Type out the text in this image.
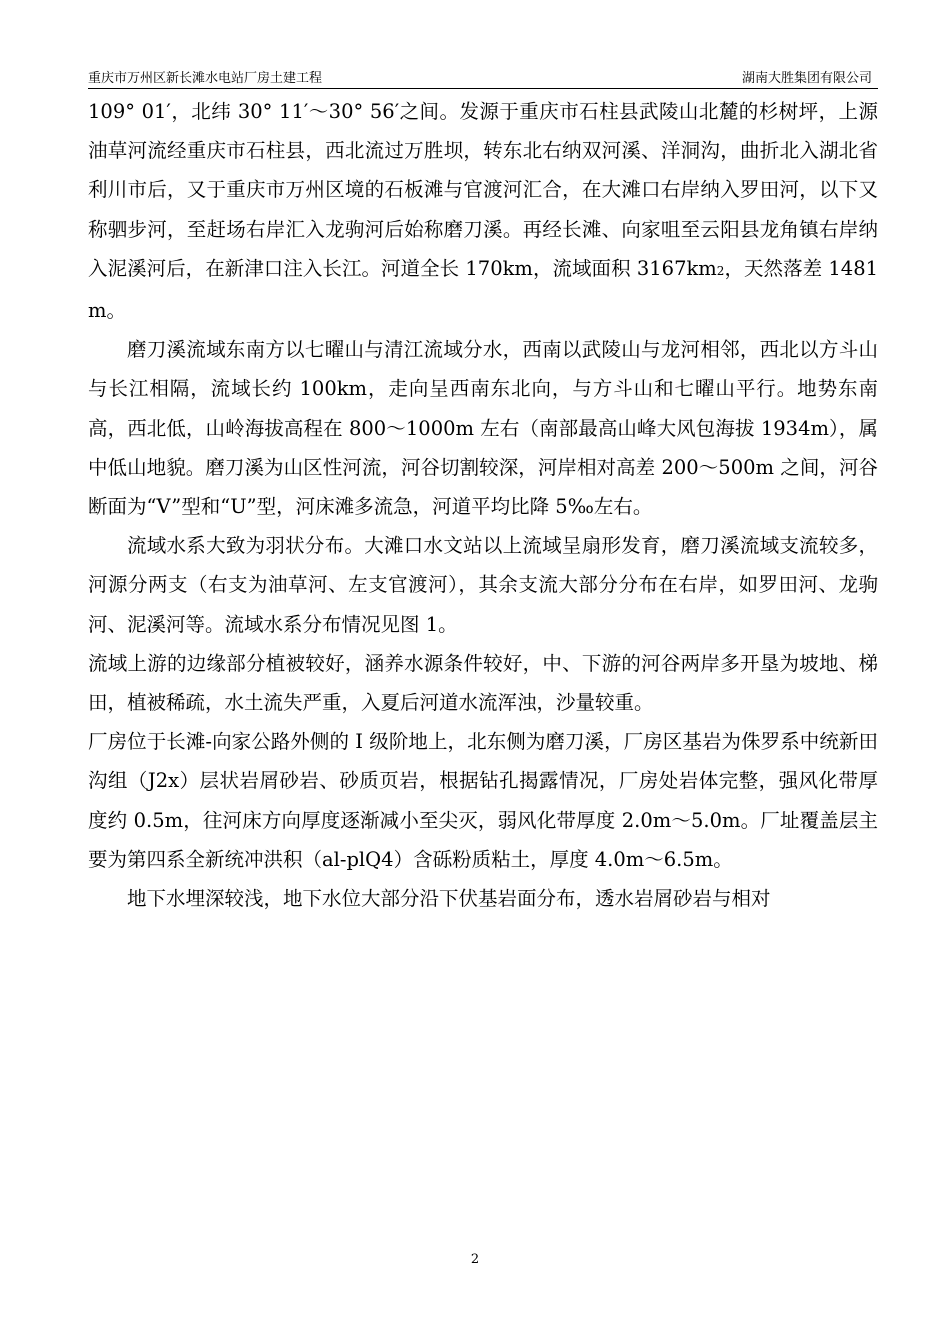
重庆市万州区新长滩水电站厂房土建工程	湖南大胜集团有限公司

109° 01′，北纬 30° 11′～30° 56′之间。发源于重庆市石柱县武陵山北麓的杉树坪，上源油草河流经重庆市石柱县，西北流过万胜坝，转东北右纳双河溪、洋洞沟，曲折北入湖北省利川市后，又于重庆市万州区境的石板滩与官渡河汇合，在大滩口右岸纳入罗田河，以下又称驷步河，至赶场右岸汇入龙驹河后始称磨刀溪。再经长滩、向家咀至云阳县龙角镇右岸纳入泥溪河后，在新津口注入长江。河道全长 170km，流域面积 3167km2，天然落差 1481m。

磨刀溪流域东南方以七曜山与清江流域分水，西南以武陵山与龙河相邻，西北以方斗山与长江相隔，流域长约 100km，走向呈西南东北向，与方斗山和七曜山平行。地势东南高，西北低，山岭海拔高程在 800～1000m 左右（南部最高山峰大风包海拔 1934m），属中低山地貌。磨刀溪为山区性河流，河谷切割较深，河岸相对高差 200～500m 之间，河谷断面为“V”型和“U”型，河床滩多流急，河道平均比降 5‰左右。

流域水系大致为羽状分布。大滩口水文站以上流域呈扇形发育，磨刀溪流域支流较多，河源分两支（右支为油草河、左支官渡河），其余支流大部分分布在右岸，如罗田河、龙驹河、泥溪河等。流域水系分布情况见图 1。

流域上游的边缘部分植被较好，涵养水源条件较好，中、下游的河谷两岸多开垦为坡地、梯田，植被稀疏，水土流失严重，入夏后河道水流浑浊，沙量较重。

厂房位于长滩-向家公路外侧的 I 级阶地上，北东侧为磨刀溪，厂房区基岩为侏罗系中统新田沟组（J2x）层状岩屑砂岩、砂质页岩，根据钻孔揭露情况，厂房处岩体完整，强风化带厚度约 0.5m，往河床方向厚度逐渐减小至尖灭，弱风化带厚度 2.0m～5.0m。厂址覆盖层主要为第四系全新统冲洪积（al-plQ4）含砾粉质粘土，厚度 4.0m～6.5m。

地下水埋深较浅，地下水位大部分沿下伏基岩面分布，透水岩屑砂岩与相对

2
